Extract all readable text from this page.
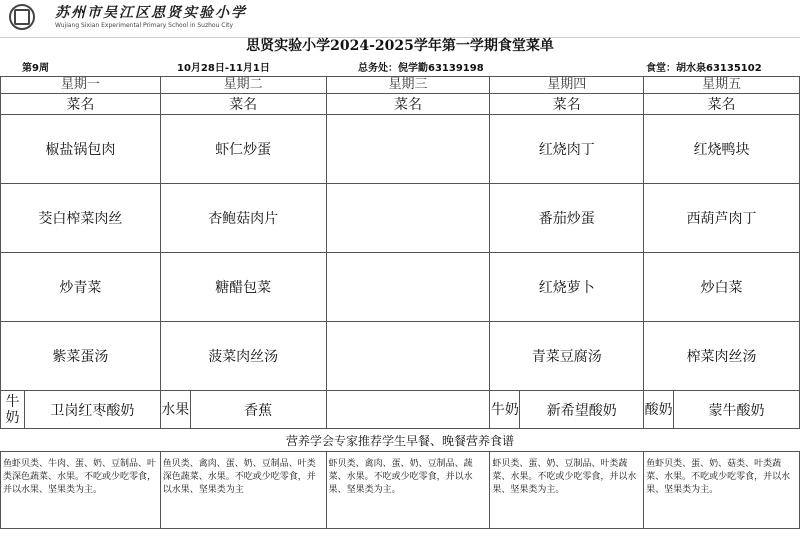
苏州市吴江区思贤实验小学
Wujiang Sixian Experimental Primary School in Suzhou City
思贤实验小学2024-2025学年第一学期食堂菜单
第9周	10月28日-11月1日	总务处：倪学勤63139198	食堂：胡水泉63135102
星期一		星期二		星期三	星期四		星期五	
菜名		菜名		菜名	菜名		菜名	
椒盐锅包肉		虾仁炒蛋			红烧肉丁		红烧鸭块	
茭白榨菜肉丝		杏鲍菇肉片			番茄炒蛋		西葫芦肉丁	
炒青菜		糖醋包菜			红烧萝卜		炒白菜	
紫菜蛋汤		菠菜肉丝汤			青菜豆腐汤		榨菜肉丝汤	
牛奶	卫岗红枣酸奶	水果	香蕉		牛奶	新希望酸奶	酸奶	蒙牛酸奶
营养学会专家推荐学生早餐、晚餐营养食谱								
鱼虾贝类、牛肉、蛋、奶、豆制品、叶类深色蔬菜、水果。不吃或少吃零食，并以水果、坚果类为主。		鱼贝类、禽肉、蛋、奶、豆制品、叶类深色蔬菜、水果。不吃或少吃零食，并以水果、坚果类为主		虾贝类、禽肉、蛋、奶、豆制品、蔬菜、水果。不吃或少吃零食，并以水果、坚果类为主。	虾贝类、蛋、奶、豆制品、叶类蔬菜、水果。不吃或少吃零食，并以水果、坚果类为主。		鱼虾贝类、蛋、奶、菇类、叶类蔬菜、水果。不吃或少吃零食，并以水果、坚果类为主。	
